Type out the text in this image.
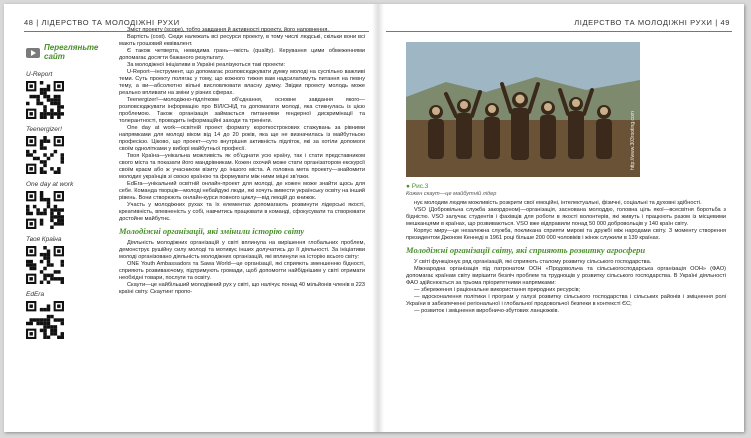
48 | ЛІДЕРСТВО ТА МОЛОДІЖНІ РУХИ	ЛІДЕРСТВО ТА МОЛОДІЖНІ РУХИ | 49
Перегляньте
сайт
U-Report
Teenergizer!
One day at work
Твоя Країна
EdEra

Зміст проекту (scope), тобто завдання й активності проекту, його наповнення.

Вартість (cost). Сюди належать всі ресурси проекту, в тому числі людські, скільки вони всі мають грошовий еквівалент.

Є також четверта, невидима грань—якість (quality). Керування цими обмеженнями допомагає досягти бажаного результату.

За молодіжної ініціативи в Україні реалізуються такі проекти:

U-Report—інструмент, що допомагає розповсюджувати думку молоді на суспільно важливі теми. Суть проекту полягає у тому, що кожного тижня вам надсилатимуть питання на певну тему, а ви—абсолютно вільні висловлювати власну думку. Звідки проекту молодь може реально впливати на зміни у різних сферах.

Teenergizer!—молодіжно-підліткове об’єднання, основне завдання якого—розповсюджувати інформацію про ВІЛ/СНІД та допомагати молоді, яка стикнулась із цією проблемою. Також організація займається питаннями гендерної дискримінації та толерантності, проводить інформаційні заходи та тренінги.

One day at work—освітній проект формату короткострокових стажувань за рівними напрямками для молоді віком від 14 до 20 років, яка ще не визначилась із майбутньою професією. Ціково, що проект—сутo внутрішня активність підліток, які за хотіли допомоги своїм однолітками у виборі майбутньої професії.

Твоя Країна—унікальна можливість як об’єднати усю країну, так і стати представником свого міста та показати його мандрівникам. Кожен охочий може стати організатором екскурсії своїм краєм або ж учасником візиту до іншого міста. А головна мета проекту—знайомити молодих українців зі своєю країною та формувати між ними міцні зв’язки.

EdEra—унікальний освітній онлайн-проект для молоді, де кожен може знайти щось для себе. Команда творців—молоді небайдужі люди, які хочуть вивести українську освіту на інший рівень. Вони створюють онлайн-курси повного циклу—від лекцій до книжок.

Участь у молодіжних рухах та їх елементах допомагають розвинути лідерські якості, креативність, впевненість у собі, навчитись працювати в команді, сфокусувати та створювати достойне майбутнє.

Молодіжні організації, які змінили історію світу

Діяльність молодіжних організацій у світі вплинула на вирішення глобальних проблем, демонструє рушійну силу молоді та мотивує інших долучатись до її діяльності. За ініціативи молоді організовано діяльність молодіжних організацій, які вплинули на історію всього світу:

ONE Youth Ambassadors та Sawa World—це організації, які сприяють зменшенню бідності, сприяють розвиваючому, підтримують громади, щоб допомогти найбіднішим у світі отримати необхідні товари, послуги та освіту.

Скаути—це найбільший молодіжний рух у світі, що налічує понад 40 мільйонів членів в 223 країні світу. Скаутинг пропо-

http://www.303rooting.com
● Рис.3
Кожен скаут—це майбутній лідер

нує молодим людям можливість розкрити свої емоційні, інтелектуальні, фізичні, соціальні та духовні здібності.

VSO (Добровільна служба закордоном)—організація, заснована молоддю, головна ціль якої—всесвітня боротьба з бідністю. VSO залучає студентів і фахівців для роботи в якості волонтерів, які живуть і працюють разом із місцевими мешканцями в країнах, що розвиваються. VSO вже відправили понад 50 000 добровольців у 140 країн світу.

Корпус миру—це незалежна служба, покликана сприяти мирові та дружбі між народами світу. З моменту створення президентом Джоном Кеннеді в 1961 році більше 200 000 чоловіків і жінок служили в 139 країнах.

Молодіжні організації світу, які сприяють розвитку агросфери

У світі функціонує ряд організацій, які сприяють сталому розвитку сільського господарства.

Міжнародна організація під патронатом ООН «Продовольча та сільськогосподарська організація ООН» (ФАО) допомагає країнам світу вирішити безліч проблем та труднощів у розвитку сільського господарства. В Україні діяльності ФАО здійснюється за трьома пріоритетними напрямками:

— збереження і раціональне використання природних ресурсів;

— вдосконалення політики і програм у галузі розвитку сільського господарства і сільських районів і зміцнення ролі України в забезпеченні регіональної і глобальної продовольчої безпеки в контексті ЄС;

— розвиток і зміцнення виробничо-збутових ланцюжків.
